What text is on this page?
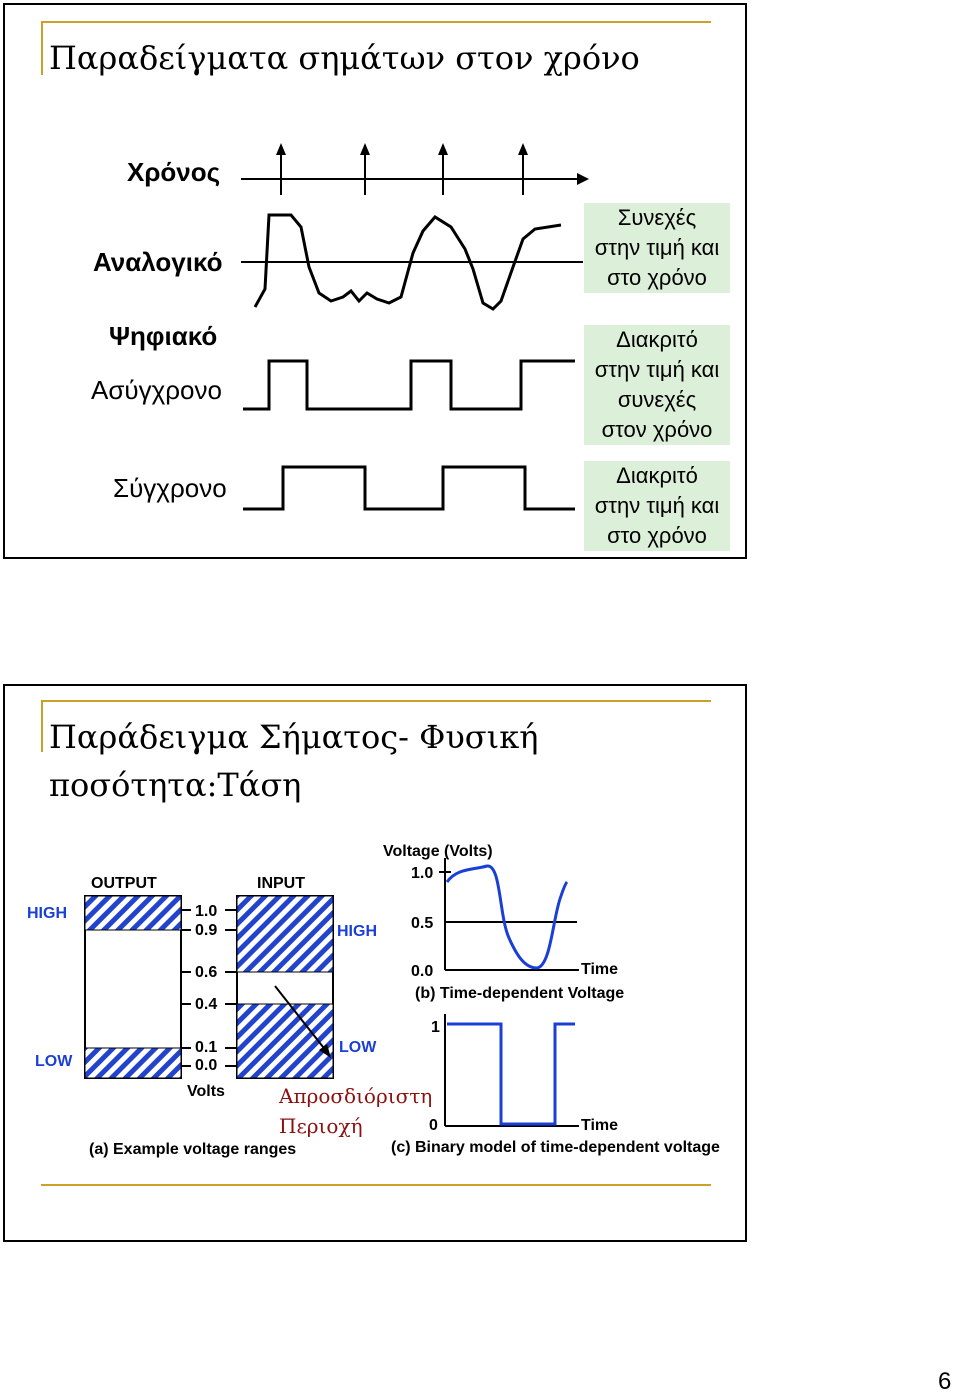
Παραδείγματα σημάτων στον χρόνο
Χρόνος
Αναλογικό
Ψηφιακό
Ασύγχρονο
Σύγχρονο
Συνεχές
στην τιμή και
στο χρόνο
Διακριτό
στην τιμή και
συνεχές
στον χρόνο
Διακριτό
στην τιμή και
στο χρόνο
Παράδειγμα Σήματος- Φυσική
ποσότητα:Τάση
OUTPUT	INPUT
HIGH
HIGH
LOW
LOW
1.0
0.9
0.6
0.4
0.1
0.0
Volts
(a) Example voltage ranges
Voltage (Volts)
1.0
0.5
0.0	Time
(b) Time-dependent Voltage
1
0	Time
(c) Binary model of time-dependent voltage
Απροσδιόριστη
Περιοχή
6
